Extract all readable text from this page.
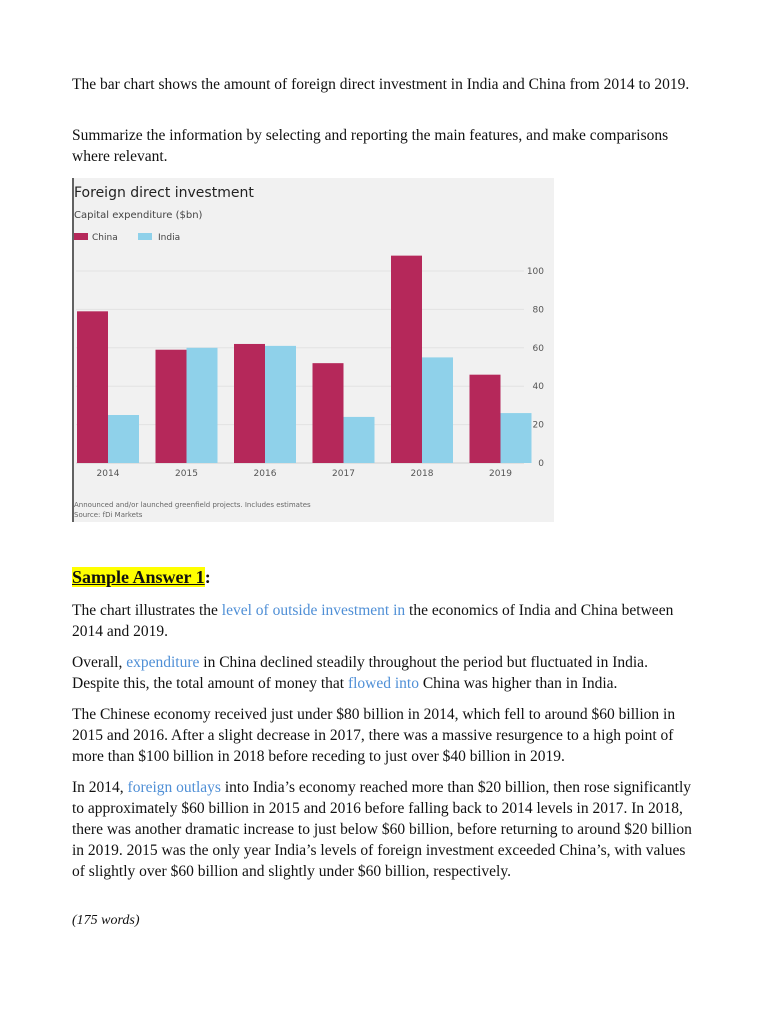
The bar chart shows the amount of foreign direct investment in India and China from 2014 to 2019.

Summarize the information by selecting and reporting the main features, and make comparisons where relevant.

Foreign direct investment
Capital expenditure ($bn)
China	India
0
20
40
60
80
100
2014	2015	2016	2017	2018	2019
Announced and/or launched greenfield projects. Includes estimates
Source: fDi Markets
Sample Answer 1:

The chart illustrates the level of outside investment in the economics of India and China between 2014 and 2019.

Overall, expenditure in China declined steadily throughout the period but fluctuated in India. Despite this, the total amount of money that flowed into China was higher than in India.

The Chinese economy received just under $80 billion in 2014, which fell to around $60 billion in 2015 and 2016. After a slight decrease in 2017, there was a massive resurgence to a high point of more than $100 billion in 2018 before receding to just over $40 billion in 2019.

In 2014, foreign outlays into India’s economy reached more than $20 billion, then rose significantly to approximately $60 billion in 2015 and 2016 before falling back to 2014 levels in 2017. In 2018, there was another dramatic increase to just below $60 billion, before returning to around $20 billion in 2019. 2015 was the only year India’s levels of foreign investment exceeded China’s, with values of slightly over $60 billion and slightly under $60 billion, respectively.

(175 words)
